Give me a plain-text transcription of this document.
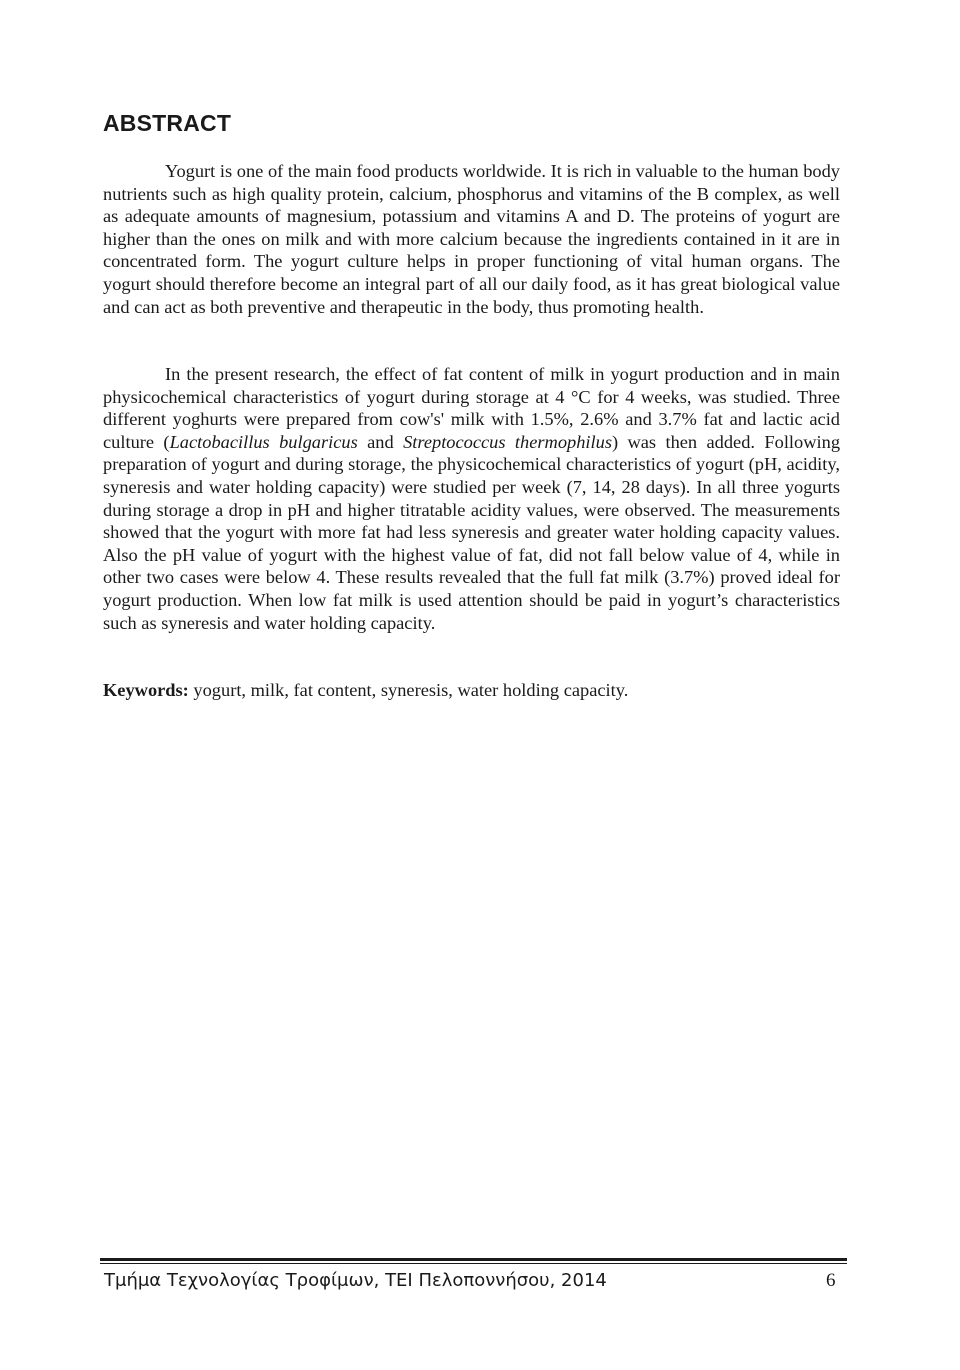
ABSTRACT

Yogurt is one of the main food products worldwide. It is rich in valuable to the human body nutrients such as high quality protein, calcium, phosphorus and vitamins of the B complex, as well as adequate amounts of magnesium, potassium and vitamins A and D. The proteins of yogurt are higher than the ones on milk and with more calcium because the ingredients contained in it are in concentrated form. The yogurt culture helps in proper functioning of vital human organs. The yogurt should therefore become an integral part of all our daily food, as it has great biological value and can act as both preventive and therapeutic in the body, thus promoting health.

In the present research, the effect of fat content of milk in yogurt production and in main physicochemical characteristics of yogurt during storage at 4 °C for 4 weeks, was studied. Three different yoghurts were prepared from cow's' milk with 1.5%, 2.6% and 3.7% fat and lactic acid culture (Lactobacillus bulgaricus and Streptococcus thermophilus) was then added. Following preparation of yogurt and during storage, the physicochemical characteristics of yogurt (pH, acidity, syneresis and water holding capacity) were studied per week (7, 14, 28 days). In all three yogurts during storage a drop in pH and higher titratable acidity values, were observed. The measurements showed that the yogurt with more fat had less syneresis and greater water holding capacity values. Also the pH value of yogurt with the highest value of fat, did not fall below value of 4, while in other two cases were below 4. These results revealed that the full fat milk (3.7%) proved ideal for yogurt production. When low fat milk is used attention should be paid in yogurt’s characteristics such as syneresis and water holding capacity.

Keywords: yogurt, milk, fat content, syneresis, water holding capacity.

Τμήμα Τεχνολογίας Τροφίμων, ΤΕΙ Πελοποννήσου, 2014	6
